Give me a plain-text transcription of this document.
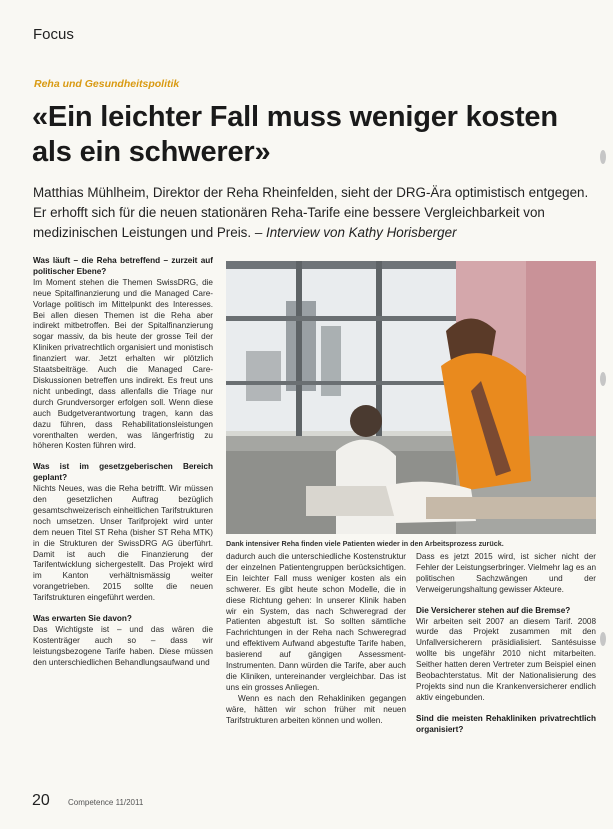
Focus
Reha und Gesundheitspolitik
«Ein leichter Fall muss weniger kosten als ein schwerer»
Matthias Mühlheim, Direktor der Reha Rheinfelden, sieht der DRG-Ära optimistisch entgegen. Er erhofft sich für die neuen stationären Reha-Tarife eine bessere Vergleichbarkeit von medizinischen Leistungen und Preis. – Interview von Kathy Horisberger
Was läuft – die Reha betreffend – zurzeit auf politischer Ebene?

Im Moment stehen die Themen SwissDRG, die neue Spitalfinanzierung und die Managed Care-Vorlage politisch im Mittelpunkt des Interesses. Bei allen diesen Themen ist die Reha aber indirekt mitbetroffen. Bei der Spitalfinanzierung sogar massiv, da bis heute der grosse Teil der Kliniken privatrechtlich organisiert und monistisch finanziert war. Jetzt erhalten wir plötzlich Staatsbeiträge. Auch die Managed Care-Diskussionen betreffen uns indirekt. Es freut uns nicht unbedingt, dass allenfalls die Triage nur durch Grundversorger erfolgen soll. Wenn diese auch Budgetverantwortung tragen, kann das dazu führen, dass Rehabilitationsleistungen vorenthalten werden, was längerfristig zu höheren Kosten führen wird.

Was ist im gesetzgeberischen Bereich geplant?

Nichts Neues, was die Reha betrifft. Wir müssen den gesetzlichen Auftrag bezüglich gesamtschweizerisch einheitlichen Tarifstrukturen noch umsetzen. Unser Tarifprojekt wird unter dem neuen Titel ST Reha (bisher ST Reha MTK) in die Strukturen der SwissDRG AG überführt. Damit ist auch die Finanzierung der Tarifentwicklung sichergestellt. Das Projekt wird im Kanton verhältnismässig weiter vorangetrieben. 2015 sollte die neuen Tarifstrukturen eingeführt werden.

Was erwarten Sie davon?

Das Wichtigste ist – und das wären die Kostenträger auch so – dass wir leistungsbezogene Tarife haben. Diese müssen den unterschiedlichen Behandlungsaufwand und

Dank intensiver Reha finden viele Patienten wieder in den Arbeitsprozess zurück.

dadurch auch die unterschiedliche Kostenstruktur der einzelnen Patientengruppen berücksichtigen. Ein leichter Fall muss weniger kosten als ein schwerer. Es gibt heute schon Modelle, die in diese Richtung gehen: In unserer Klinik haben wir ein System, das nach Schweregrad der Patienten abgestuft ist. So sollten sämtliche Fachrichtungen in der Reha nach Schweregrad und effektivem Aufwand abgestufte Tarife haben, basierend auf gängigen Assessment-Instrumenten. Dann würden die Tarife, aber auch die Kliniken, untereinander vergleichbar. Das ist uns ein grosses Anliegen.

Wenn es nach den Rehakliniken gegangen wäre, hätten wir schon früher mit neuen Tarifstrukturen arbeiten können und wollen.

Dass es jetzt 2015 wird, ist sicher nicht der Fehler der Leistungserbringer. Vielmehr lag es an politischen Sachzwängen und der Verweigerungshaltung gewisser Akteure.

Die Versicherer stehen auf die Bremse?

Wir arbeiten seit 2007 an diesem Tarif. 2008 wurde das Projekt zusammen mit den Unfallversicherern präsidialisiert. Santésuisse wollte bis ungefähr 2010 nicht mitarbeiten. Seither hatten deren Vertreter zum Beispiel einen Beobachterstatus. Mit der Nationalisierung des Projekts sind nun die Krankenversicherer endlich aktiv eingebunden.

Sind die meisten Rehakliniken privatrechtlich organisiert?
20 Competence 11/2011
